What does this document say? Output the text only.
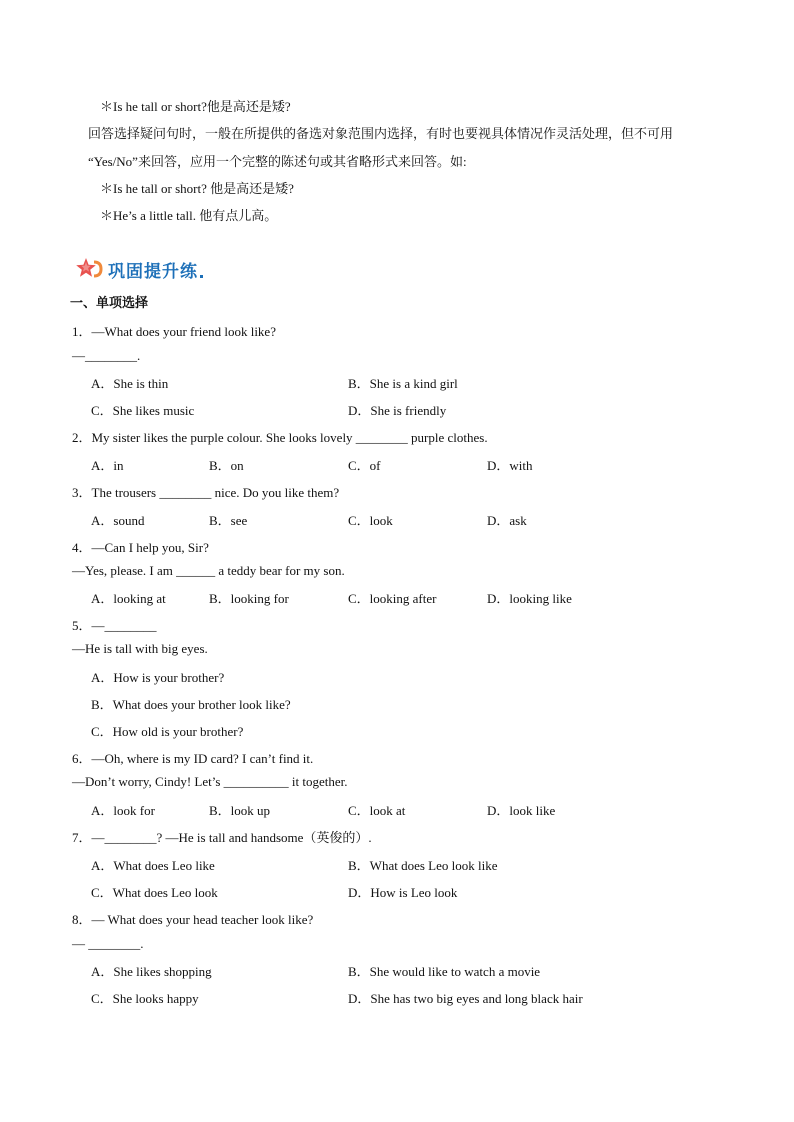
＊Is he tall or short?他是高还是矮?
回答选择疑问句时，一般在所提供的备选对象范围内选择，有时也要视具体情况作灵活处理，但不可用
“Yes/No”来回答，应用一个完整的陈述句或其省略形式来回答。如:
＊Is he tall or short? 他是高还是矮?
＊He’s a little tall. 他有点儿高。
巩固提升练
一、单项选择
1．—What does your friend look like?
—________.
A．She is thin	B．She is a kind girl
C．She likes music	D．She is friendly
2．My sister likes the purple colour. She looks lovely ________ purple clothes.
A．in	B．on	C．of	D．with
3．The trousers ________ nice. Do you like them?
A．sound	B．see	C．look	D．ask
4．—Can I help you, Sir?
—Yes, please. I am ______ a teddy bear for my son.
A．looking at	B．looking for	C．looking after	D．looking like
5．—________
—He is tall with big eyes.
A．How is your brother?
B．What does your brother look like?
C．How old is your brother?
6．—Oh, where is my ID card? I can’t find it.
—Don’t worry, Cindy! Let’s __________ it together.
A．look for	B．look up	C．look at	D．look like
7．—________? —He is tall and handsome（英俊的）.
A．What does Leo like	B．What does Leo look like
C．What does Leo look	D．How is Leo look
8．— What does your head teacher look like?
— ________.
A．She likes shopping	B．She would like to watch a movie
C．She looks happy	D．She has two big eyes and long black hair
